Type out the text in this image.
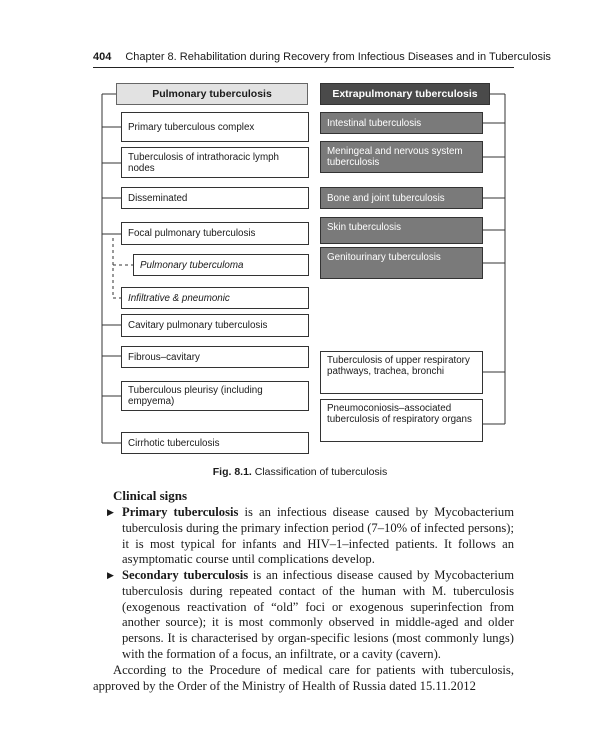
404 Chapter 8. Rehabilitation during Recovery from Infectious Diseases and in Tuberculosis
Pulmonary tuberculosis	Extrapulmonary tuberculosis
Primary tuberculous complex
Tuberculosis of intrathoracic lymph nodes
Disseminated
Focal pulmonary tuberculosis
Pulmonary tuberculoma
Infiltrative & pneumonic
Cavitary pulmonary tuberculosis
Fibrous–cavitary
Tuberculous pleurisy (including empyema)
Cirrhotic tuberculosis
Intestinal tuberculosis
Meningeal and nervous system tuberculosis
Bone and joint tuberculosis
Skin tuberculosis
Genitourinary tuberculosis
Tuberculosis of upper respiratory pathways, trachea, bronchi
Pneumoconiosis–associated tuberculosis of respiratory organs
Fig. 8.1. Classification of tuberculosis
Clinical signs
▶ Primary tuberculosis is an infectious disease caused by Mycobacterium tuberculosis during the primary infection period (7–10% of infected persons); it is most typical for infants and HIV–1–infected patients. It follows an asymptomatic course until complications develop.
▶ Secondary tuberculosis is an infectious disease caused by Mycobacterium tuberculosis during repeated contact of the human with M. tuberculosis (exogenous reactivation of “old” foci or exogenous superinfection from another source); it is most commonly observed in middle-aged and older persons. It is characterised by organ-specific lesions (most commonly lungs) with the formation of a focus, an infiltrate, or a cavity (cavern).
According to the Procedure of medical care for patients with tuberculosis, approved by the Order of the Ministry of Health of Russia dated 15.11.2012
